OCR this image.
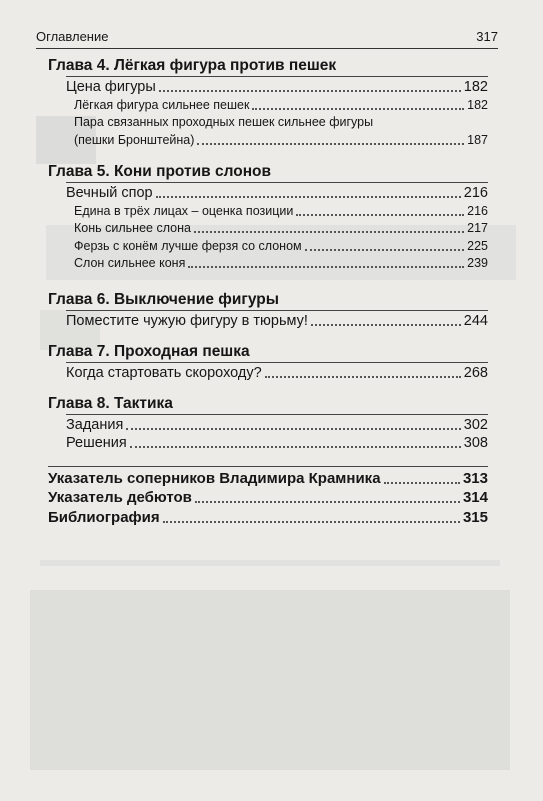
Оглавление	317
Глава 4. Лёгкая фигура против пешек
Цена фигуры	182
Лёгкая фигура сильнее пешек	182
Пара связанных проходных пешек сильнее фигуры
(пешки Бронштейна)	187
Глава 5. Кони против слонов
Вечный спор	216
Едина в трёх лицах – оценка позиции	216
Конь сильнее слона	217
Ферзь с конём лучше ферзя со слоном	225
Слон сильнее коня	239
Глава 6. Выключение фигуры
Поместите чужую фигуру в тюрьму!	244
Глава 7. Проходная пешка
Когда стартовать скороходу?	268
Глава 8. Тактика
Задания	302
Решения	308
Указатель соперников Владимира Крамника	313
Указатель дебютов	314
Библиография	315
